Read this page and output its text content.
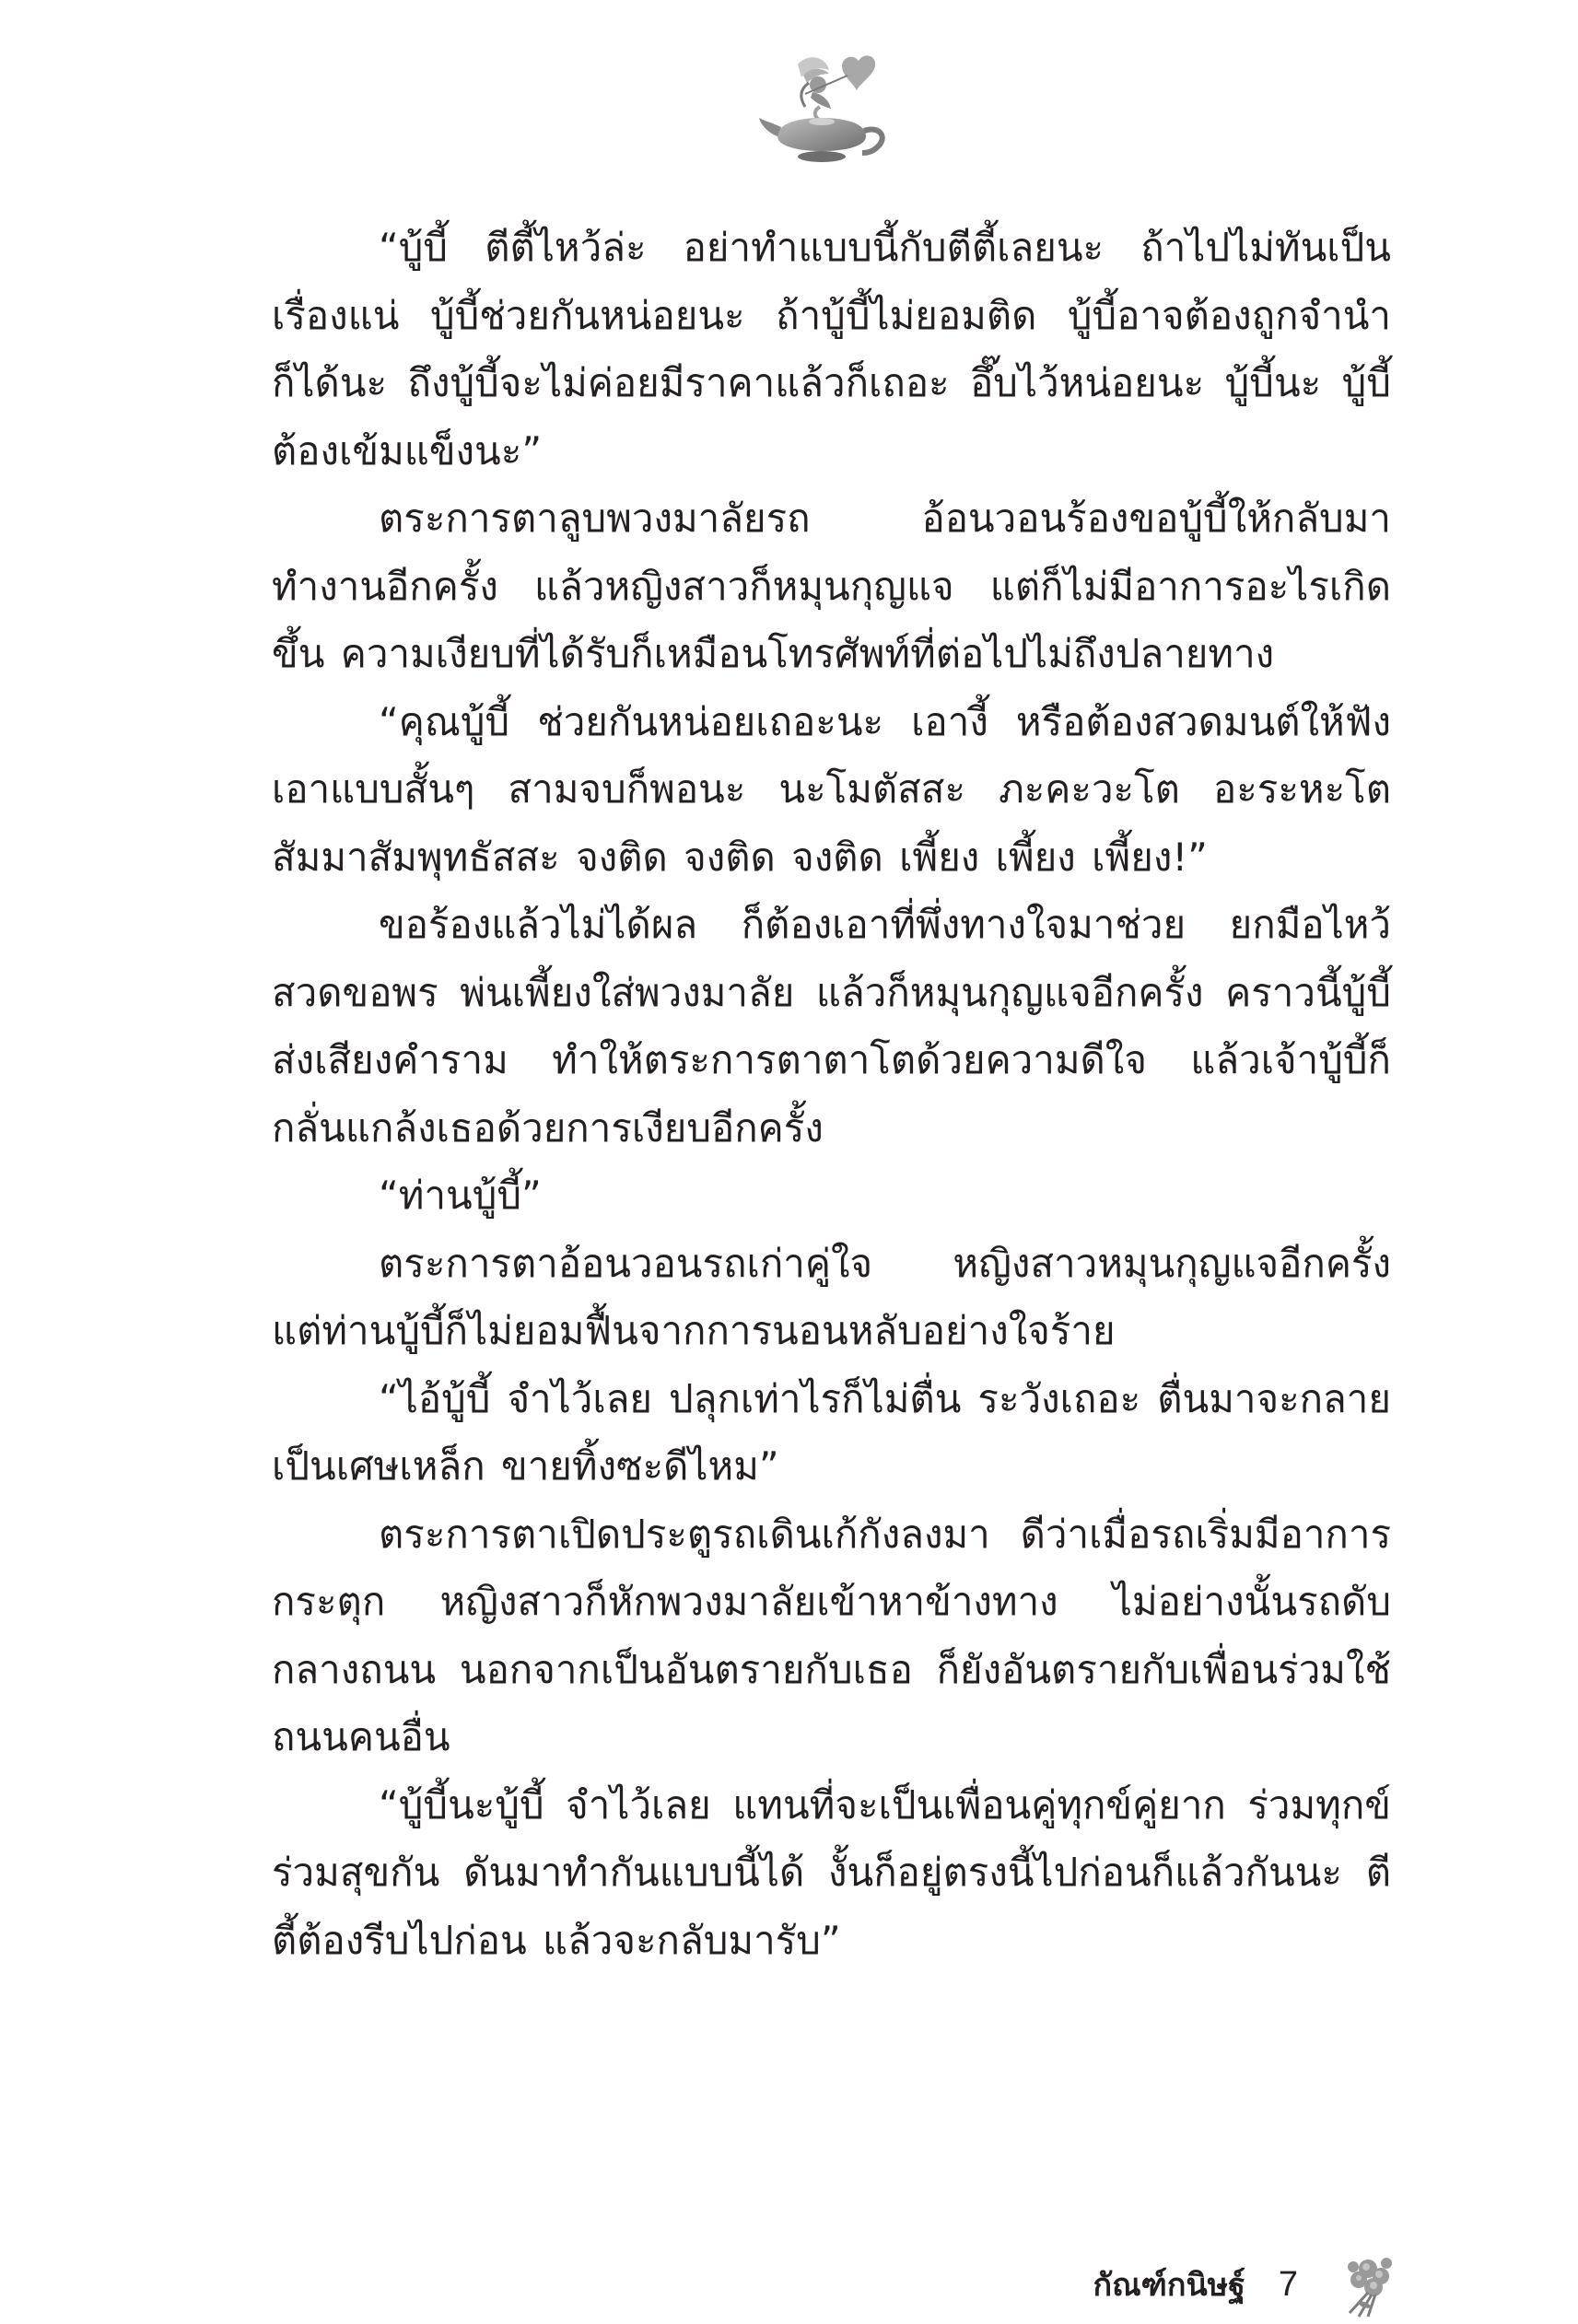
“บู้บี้ ตีตี้ไหว้ล่ะ อย่าทำแบบนี้กับตีตี้เลยนะ ถ้าไปไม่ทันเป็นเรื่องแน่ บู้บี้ช่วยกันหน่อยนะ ถ้าบู้บี้ไม่ยอมติด บู้บี้อาจต้องถูกจำนำก็ได้นะ ถึงบู้บี้จะไม่ค่อยมีราคาแล้วก็เถอะ อึ๊บไว้หน่อยนะ บู้บี้นะ บู้บี้ต้องเข้มแข็งนะ”

ตระการตาลูบพวงมาลัยรถ อ้อนวอนร้องขอบู้บี้ให้กลับมาทำงานอีกครั้ง แล้วหญิงสาวก็หมุนกุญแจ แต่ก็ไม่มีอาการอะไรเกิดขึ้น ความเงียบที่ได้รับก็เหมือนโทรศัพท์ที่ต่อไปไม่ถึงปลายทาง

“คุณบู้บี้ ช่วยกันหน่อยเถอะนะ เอางี้ หรือต้องสวดมนต์ให้ฟังเอาแบบสั้นๆ สามจบก็พอนะ นะโมตัสสะ ภะคะวะโต อะระหะโต สัมมาสัมพุทธัสสะ จงติด จงติด จงติด เพี้ยง เพี้ยง เพี้ยง!”

ขอร้องแล้วไม่ได้ผล ก็ต้องเอาที่พึ่งทางใจมาช่วย ยกมือไหว้สวดขอพร พ่นเพี้ยงใส่พวงมาลัย แล้วก็หมุนกุญแจอีกครั้ง คราวนี้บู้บี้ส่งเสียงคำราม ทำให้ตระการตาตาโตด้วยความดีใจ แล้วเจ้าบู้บี้ก็กลั่นแกล้งเธอด้วยการเงียบอีกครั้ง

“ท่านบู้บี้”

ตระการตาอ้อนวอนรถเก่าคู่ใจ หญิงสาวหมุนกุญแจอีกครั้ง แต่ท่านบู้บี้ก็ไม่ยอมฟื้นจากการนอนหลับอย่างใจร้าย

“ไอ้บู้บี้ จำไว้เลย ปลุกเท่าไรก็ไม่ตื่น ระวังเถอะ ตื่นมาจะกลายเป็นเศษเหล็ก ขายทิ้งซะดีไหม”

ตระการตาเปิดประตูรถเดินเก้กังลงมา ดีว่าเมื่อรถเริ่มมีอาการกระตุก หญิงสาวก็หักพวงมาลัยเข้าหาข้างทาง ไม่อย่างนั้นรถดับกลางถนน นอกจากเป็นอันตรายกับเธอ ก็ยังอันตรายกับเพื่อนร่วมใช้ถนนคนอื่น

“บู้บี้นะบู้บี้ จำไว้เลย แทนที่จะเป็นเพื่อนคู่ทุกข์คู่ยาก ร่วมทุกข์ร่วมสุขกัน ดันมาทำกันแบบนี้ได้ งั้นก็อยู่ตรงนี้ไปก่อนก็แล้วกันนะ ตีตี้ต้องรีบไปก่อน แล้วจะกลับมารับ”

กัณฑ์กนิษฐ์ 7
